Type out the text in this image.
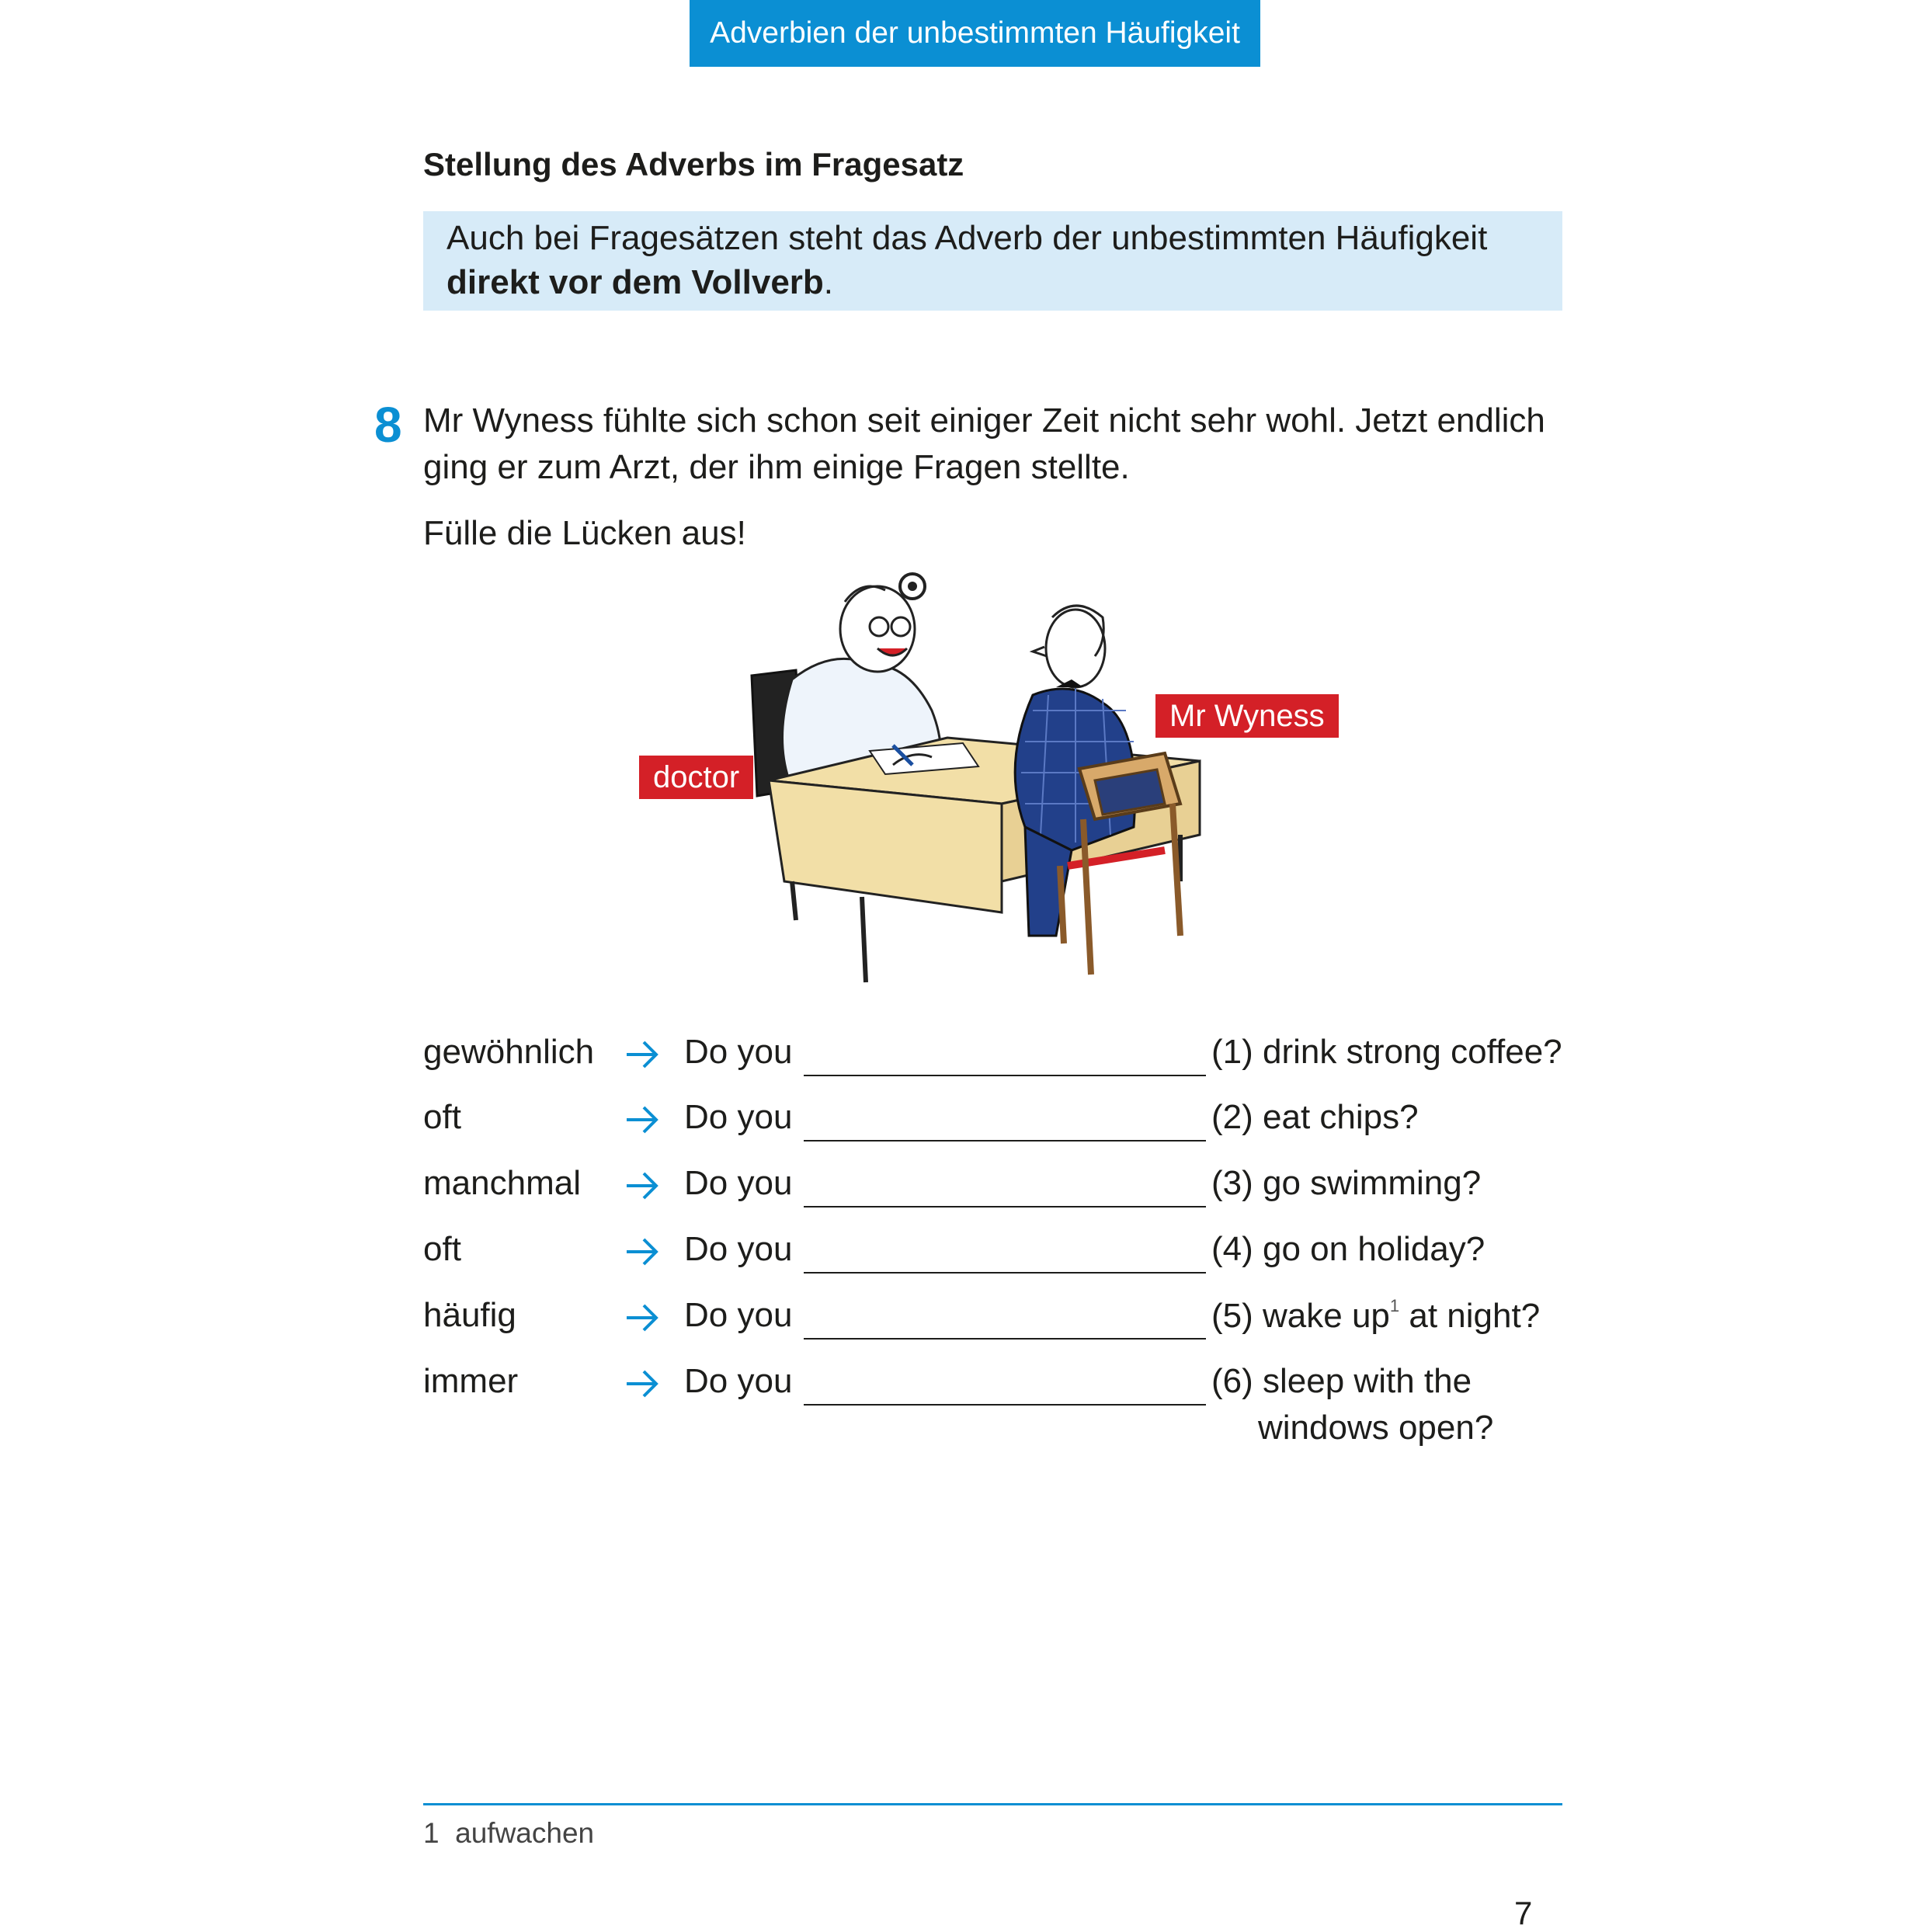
Adverbien der unbestimmten Häufigkeit
Stellung des Adverbs im Fragesatz
Auch bei Fragesätzen steht das Adverb der unbestimmten Häufigkeit
direkt vor dem Vollverb.
8 Mr Wyness fühlte sich schon seit einiger Zeit nicht sehr wohl. Jetzt endlich ging er zum Arzt, der ihm einige Fragen stellte.
Fülle die Lücken aus!
doctor
Mr Wyness
gewöhnlich	Do you	(1) drink strong coffee?
oft	Do you	(2) eat chips?
manchmal	Do you	(3) go swimming?
oft	Do you	(4) go on holiday?
häufig	Do you	(5) wake $up^1$ at night?
immer	Do you	(6) sleep with the
windows open?
1 aufwachen
7
